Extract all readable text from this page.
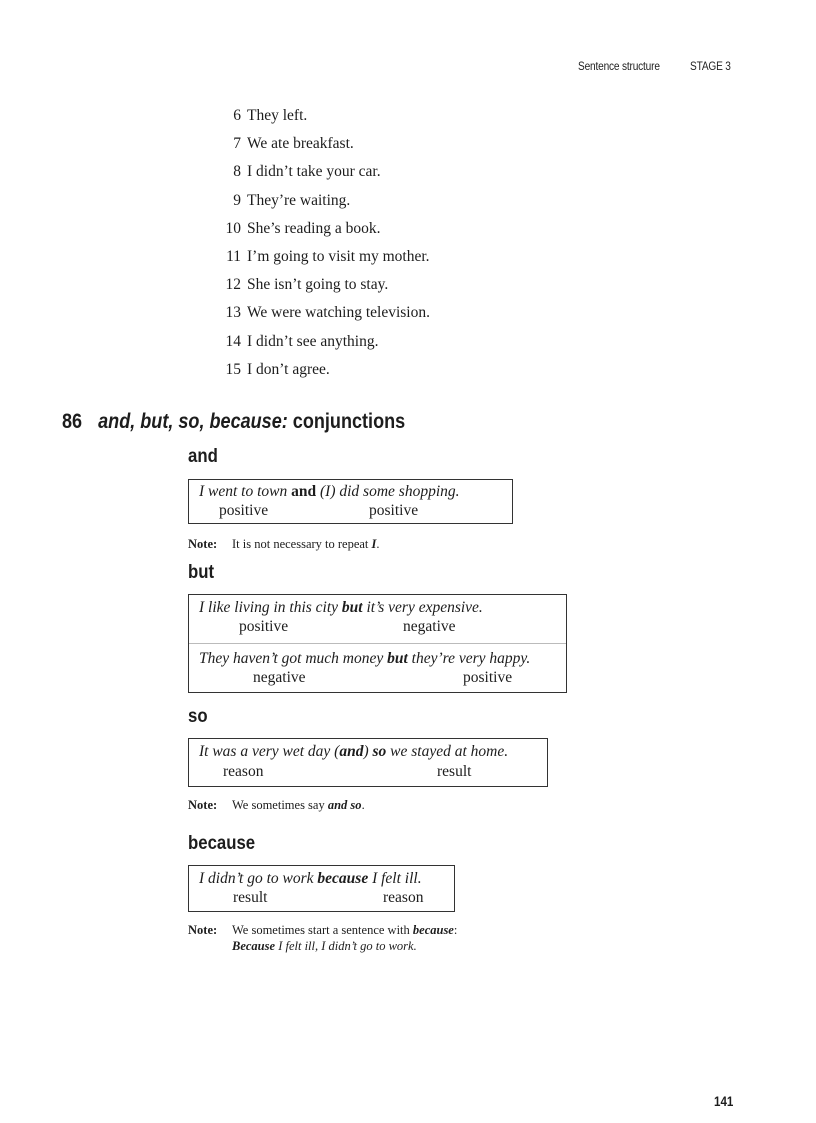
Sentence structure	STAGE 3
6 They left.
7 We ate breakfast.
8 I didn’t take your car.
9 They’re waiting.
10 She’s reading a book.
11 I’m going to visit my mother.
12 She isn’t going to stay.
13 We were watching television.
14 I didn’t see anything.
15 I don’t agree.
86 and, but, so, because: conjunctions
and
I went to town and (I) did some shopping.
positive	positive
Note: It is not necessary to repeat I.
but
I like living in this city but it’s very expensive.
positive	negative
They haven’t got much money but they’re very happy.
negative	positive
so
It was a very wet day (and) so we stayed at home.
reason	result
Note: We sometimes say and so.
because
I didn’t go to work because I felt ill.
result	reason
Note: We sometimes start a sentence with because:
Because I felt ill, I didn’t go to work.
141
